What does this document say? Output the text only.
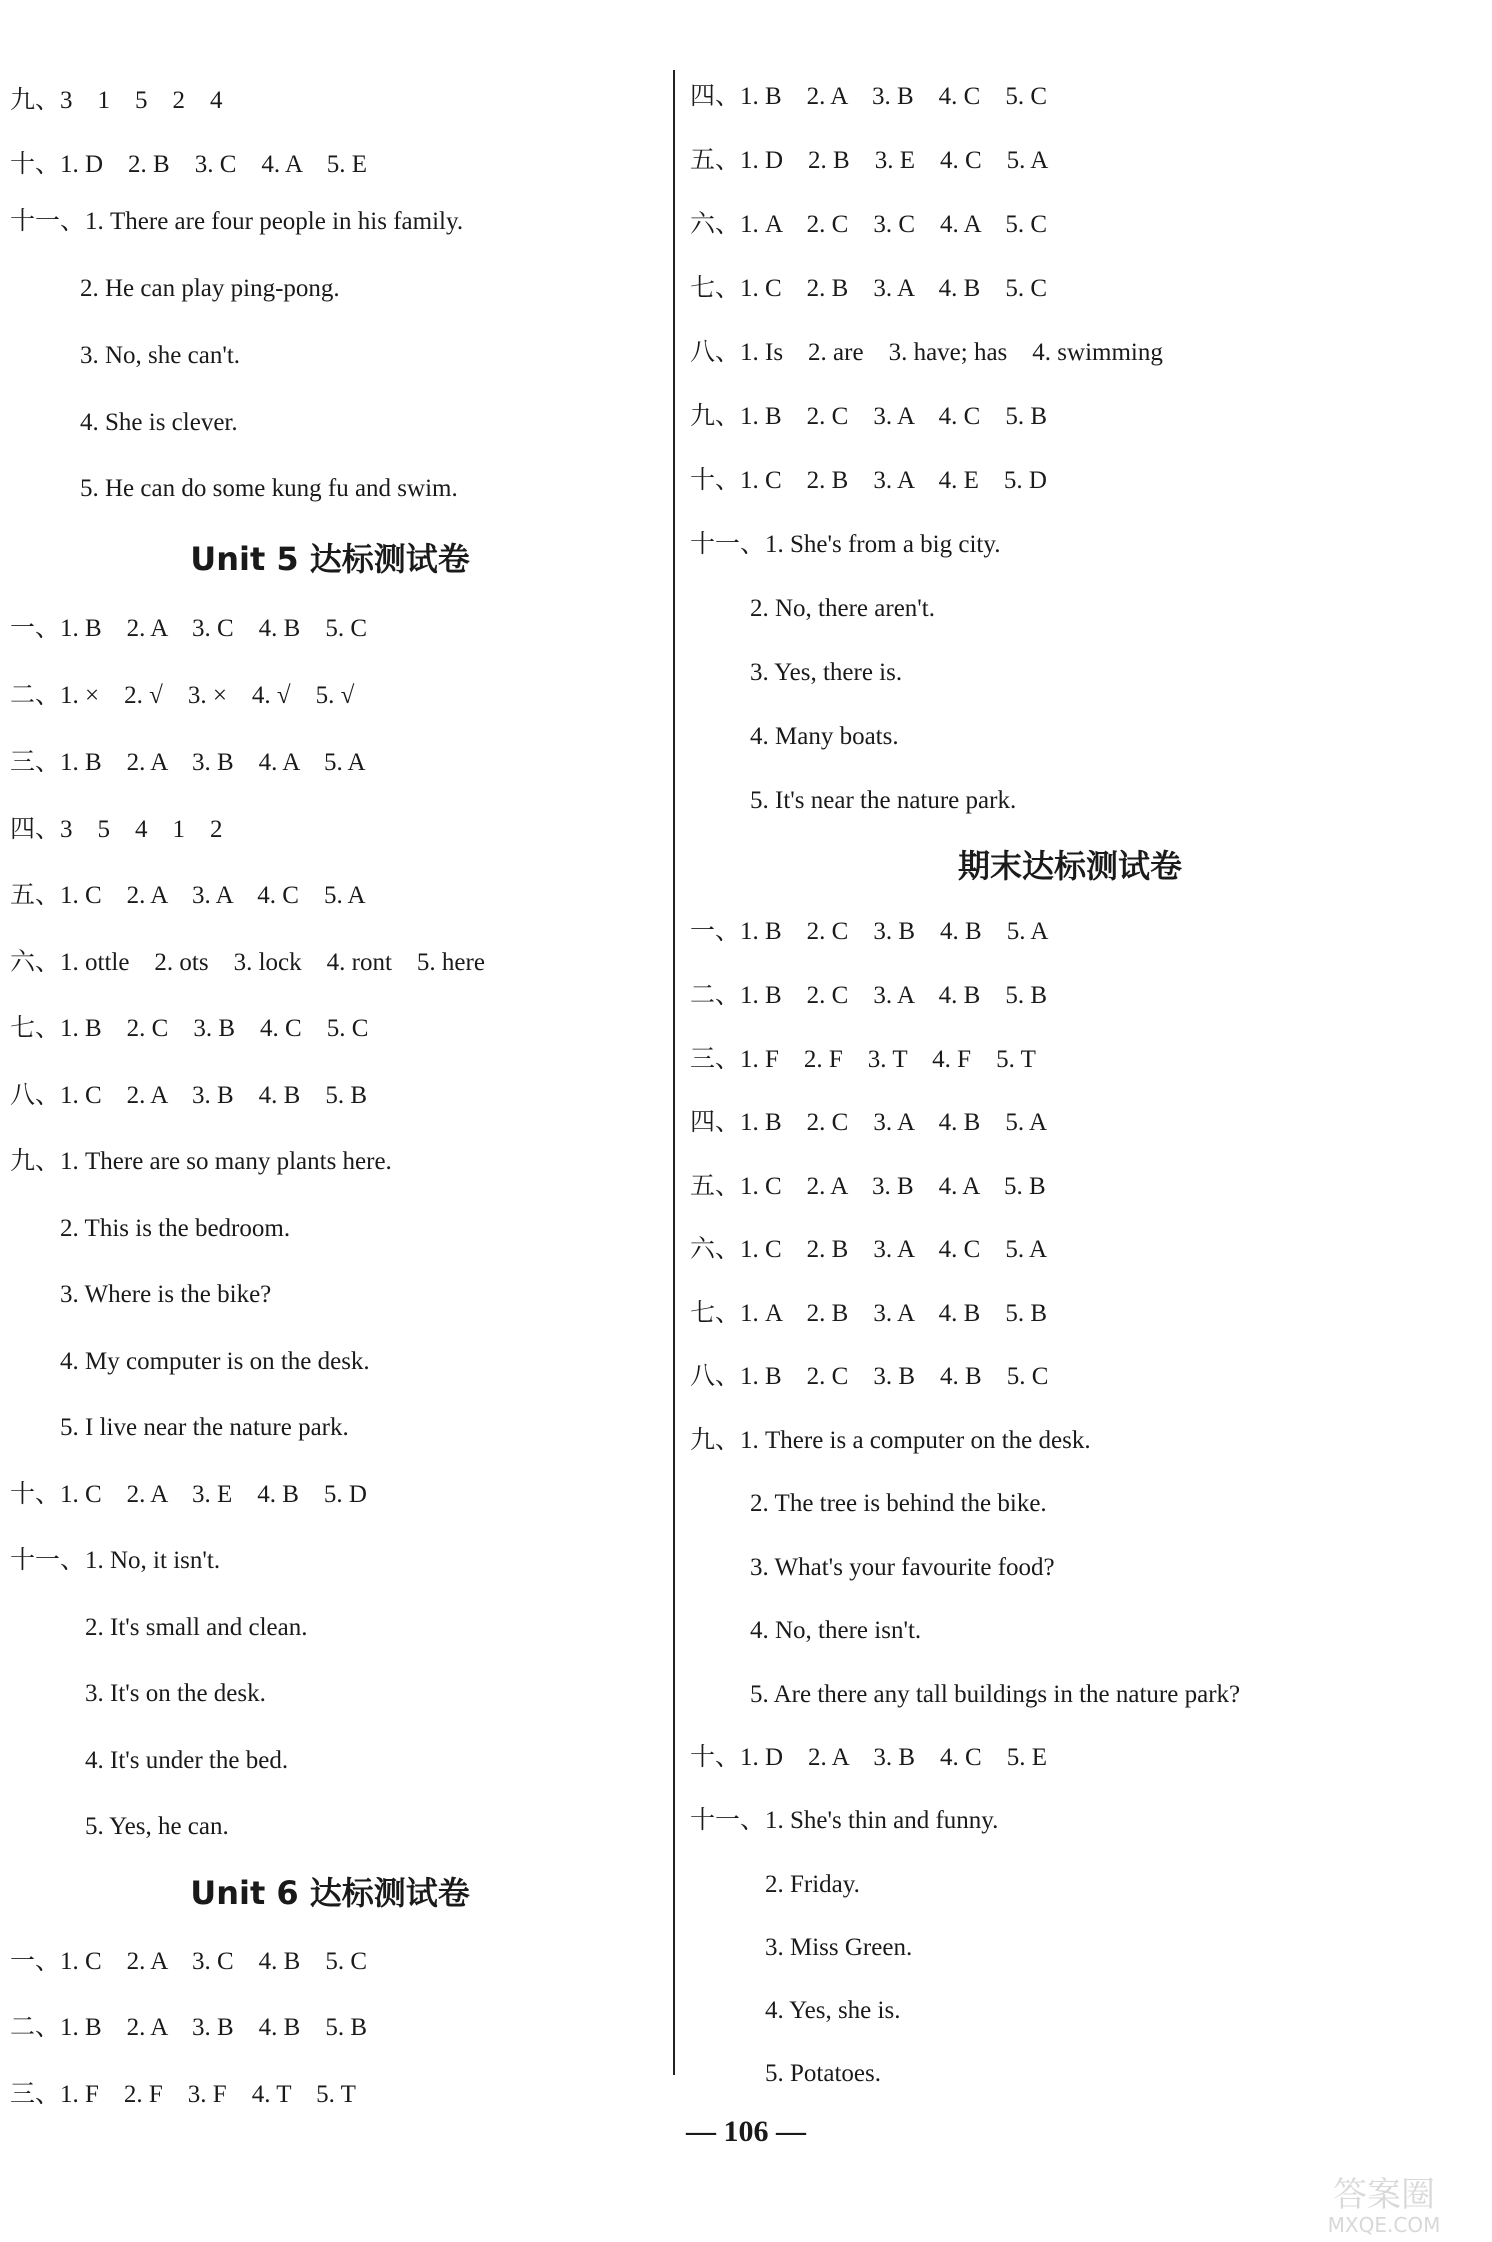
九、3　1　5　2　4
十、1. D　2. B　3. C　4. A　5. E
十一、1. There are four people in his family.
2. He can play ping-pong.
3. No, she can't.
4. She is clever.
5. He can do some kung fu and swim.
Unit 5 达标测试卷
一、1. B　2. A　3. C　4. B　5. C
二、1. ×　2. √　3. ×　4. √　5. √
三、1. B　2. A　3. B　4. A　5. A
四、3　5　4　1　2
五、1. C　2. A　3. A　4. C　5. A
六、1. ottle　2. ots　3. lock　4. ront　5. here
七、1. B　2. C　3. B　4. C　5. C
八、1. C　2. A　3. B　4. B　5. B
九、1. There are so many plants here.
2. This is the bedroom.
3. Where is the bike?
4. My computer is on the desk.
5. I live near the nature park.
十、1. C　2. A　3. E　4. B　5. D
十一、1. No, it isn't.
2. It's small and clean.
3. It's on the desk.
4. It's under the bed.
5. Yes, he can.
Unit 6 达标测试卷
一、1. C　2. A　3. C　4. B　5. C
二、1. B　2. A　3. B　4. B　5. B
三、1. F　2. F　3. F　4. T　5. T
四、1. B　2. A　3. B　4. C　5. C
五、1. D　2. B　3. E　4. C　5. A
六、1. A　2. C　3. C　4. A　5. C
七、1. C　2. B　3. A　4. B　5. C
八、1. Is　2. are　3. have; has　4. swimming
九、1. B　2. C　3. A　4. C　5. B
十、1. C　2. B　3. A　4. E　5. D
十一、1. She's from a big city.
2. No, there aren't.
3. Yes, there is.
4. Many boats.
5. It's near the nature park.
期末达标测试卷
一、1. B　2. C　3. B　4. B　5. A
二、1. B　2. C　3. A　4. B　5. B
三、1. F　2. F　3. T　4. F　5. T
四、1. B　2. C　3. A　4. B　5. A
五、1. C　2. A　3. B　4. A　5. B
六、1. C　2. B　3. A　4. C　5. A
七、1. A　2. B　3. A　4. B　5. B
八、1. B　2. C　3. B　4. B　5. C
九、1. There is a computer on the desk.
2. The tree is behind the bike.
3. What's your favourite food?
4. No, there isn't.
5. Are there any tall buildings in the nature park?
十、1. D　2. A　3. B　4. C　5. E
十一、1. She's thin and funny.
2. Friday.
3. Miss Green.
4. Yes, she is.
5. Potatoes.
— 106 —
答案圈
MXQE.COM
